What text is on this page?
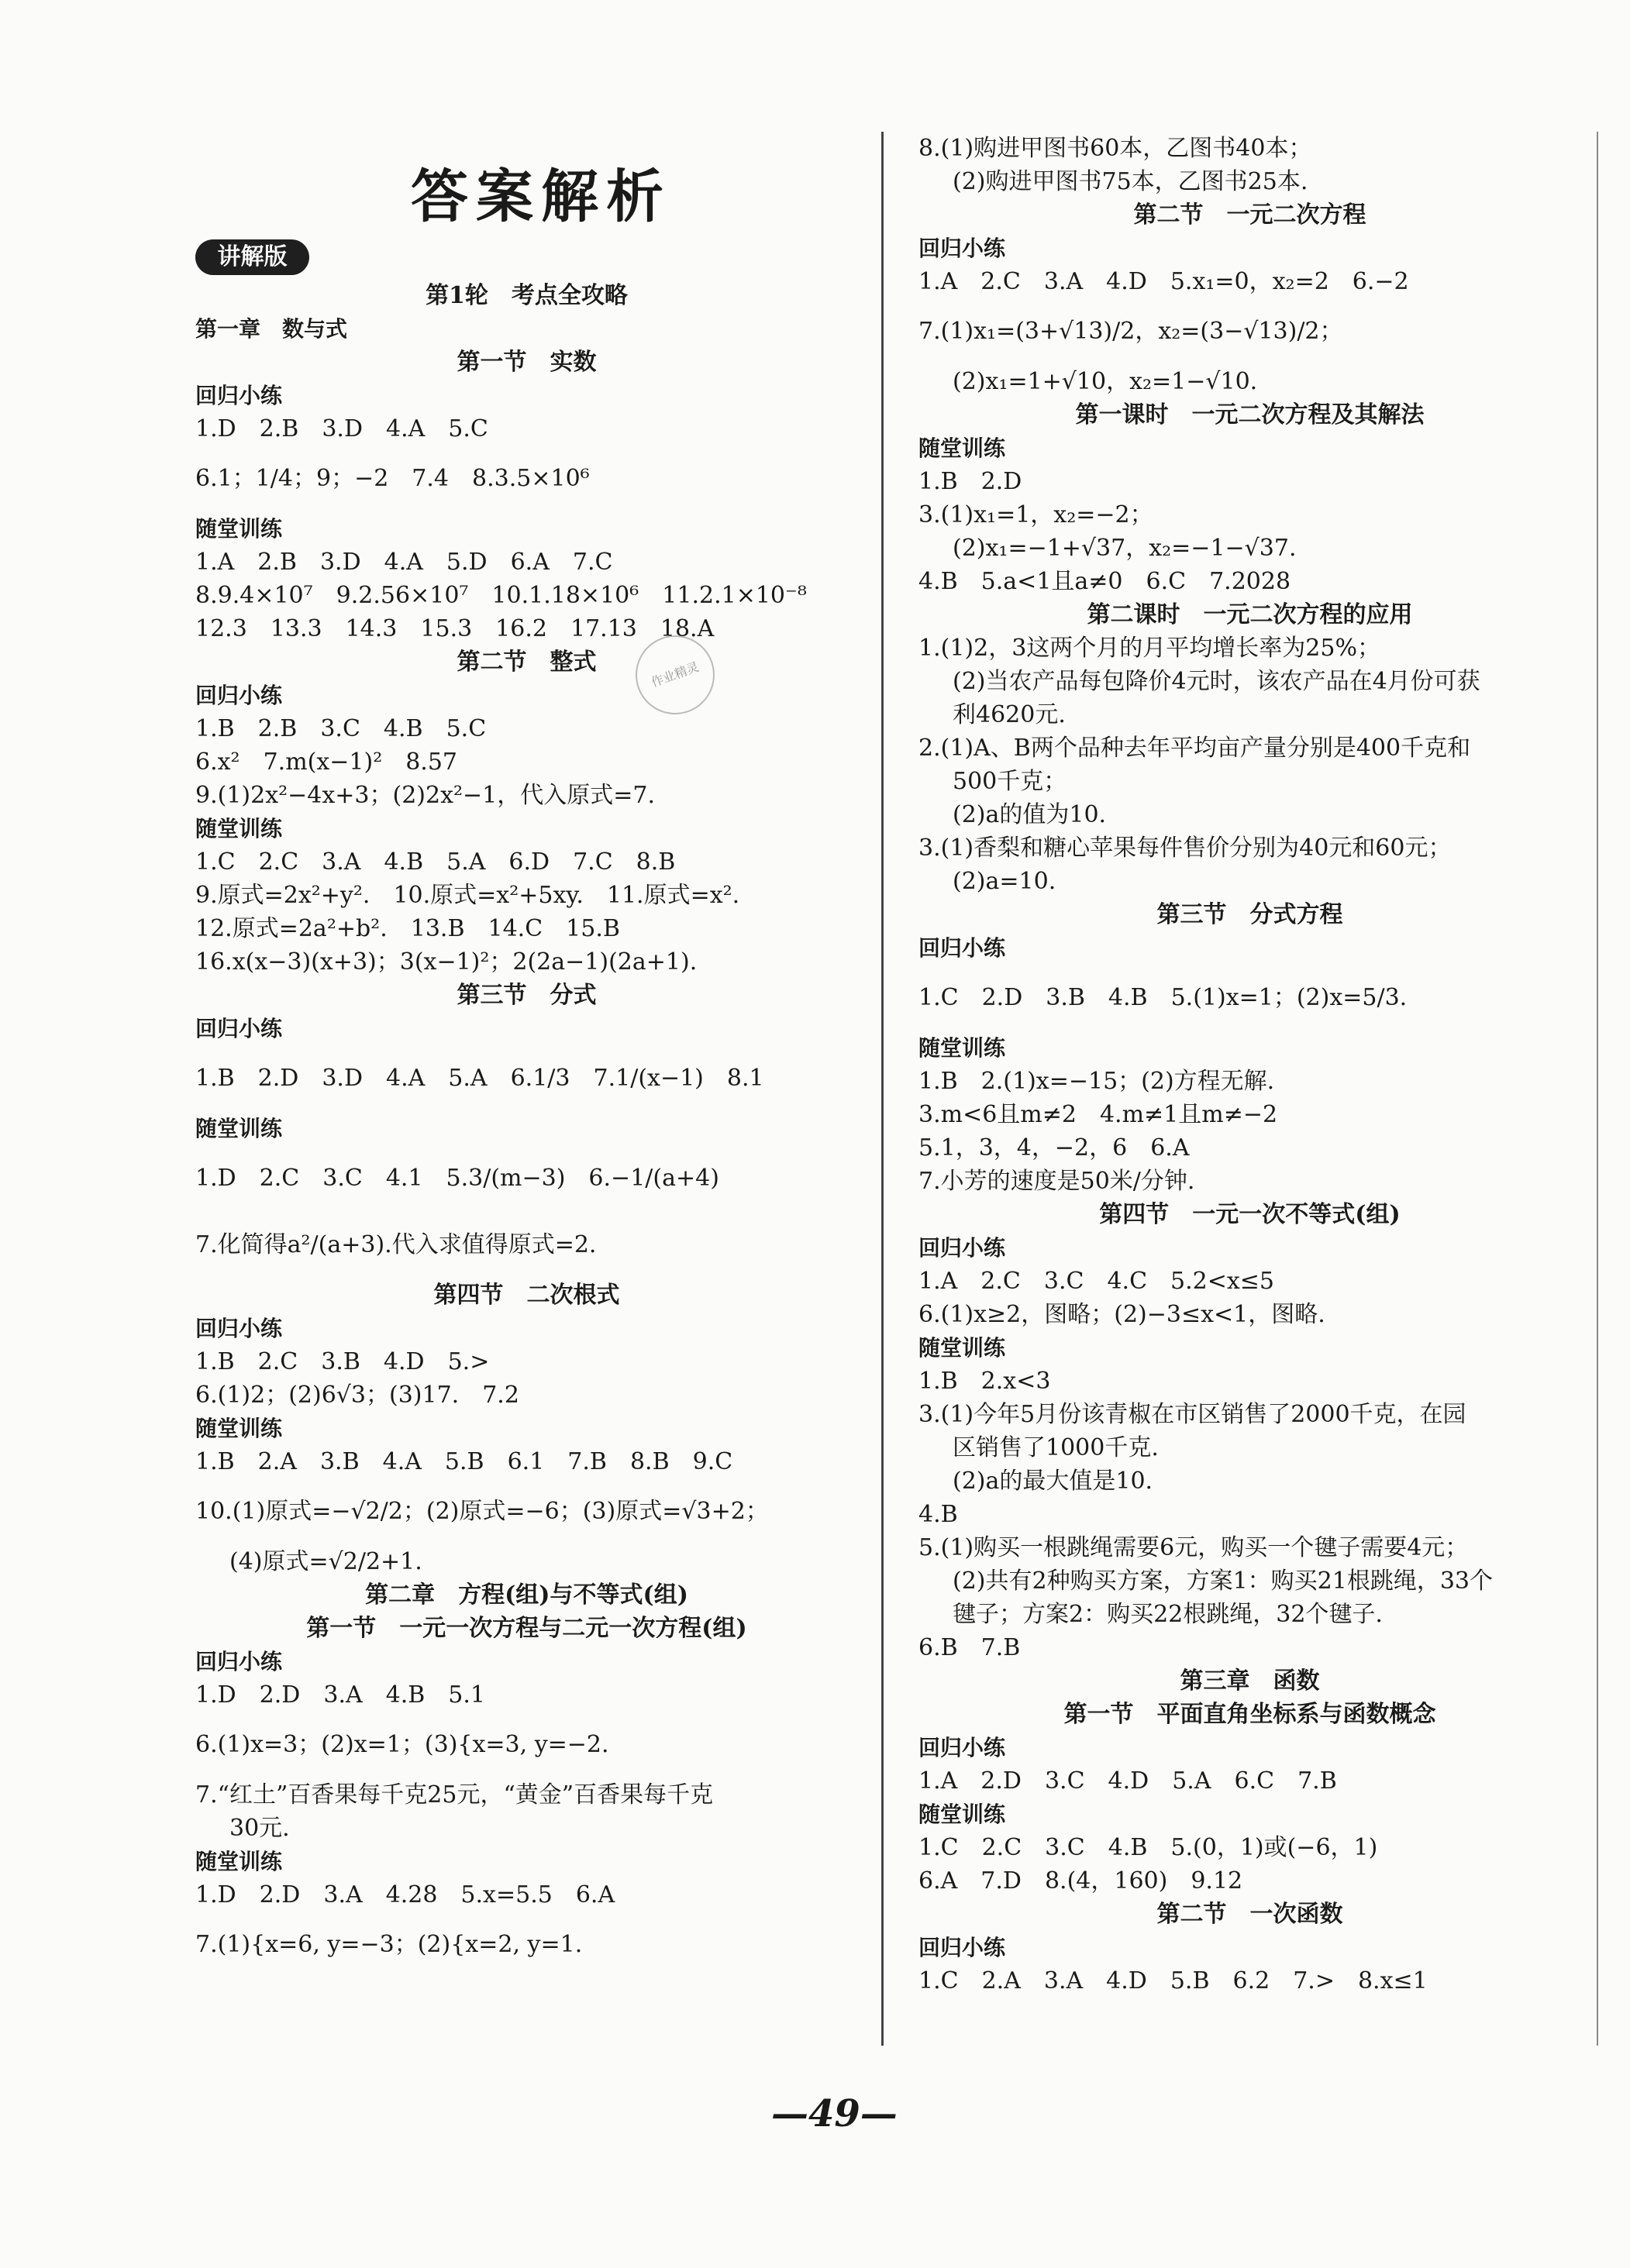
答案解析
讲解版
作业精灵
第1轮　考点全攻略
第一章　数与式
第一节　实数
回归小练
1.D　2.B　3.D　4.A　5.C
6.1；1/4；9；−2　7.4　8.3.5×10⁶
随堂训练
1.A　2.B　3.D　4.A　5.D　6.A　7.C
8.9.4×10⁷　9.2.56×10⁷　10.1.18×10⁶　11.2.1×10⁻⁸
12.3　13.3　14.3　15.3　16.2　17.13　18.A
第二节　整式
回归小练
1.B　2.B　3.C　4.B　5.C
6.x²　7.m(x−1)²　8.57
9.(1)2x²−4x+3；(2)2x²−1，代入原式=7.
随堂训练
1.C　2.C　3.A　4.B　5.A　6.D　7.C　8.B
9.原式=2x²+y².　10.原式=x²+5xy.　11.原式=x².
12.原式=2a²+b².　13.B　14.C　15.B
16.x(x−3)(x+3)；3(x−1)²；2(2a−1)(2a+1).
第三节　分式
回归小练
1.B　2.D　3.D　4.A　5.A　6.1/3　7.1/(x−1)　8.1
随堂训练
1.D　2.C　3.C　4.1　5.3/(m−3)　6.−1/(a+4)
7.化简得a²/(a+3).代入求值得原式=2.
第四节　二次根式
回归小练
1.B　2.C　3.B　4.D　5.>
6.(1)2；(2)6√3；(3)17.　7.2
随堂训练
1.B　2.A　3.B　4.A　5.B　6.1　7.B　8.B　9.C
10.(1)原式=−√2/2；(2)原式=−6；(3)原式=√3+2；
(4)原式=√2/2+1.
第二章　方程(组)与不等式(组)
第一节　一元一次方程与二元一次方程(组)
回归小练
1.D　2.D　3.A　4.B　5.1
6.(1)x=3；(2)x=1；(3){x=3, y=−2.
7.“红土”百香果每千克25元，“黄金”百香果每千克
30元.
随堂训练
1.D　2.D　3.A　4.28　5.x=5.5　6.A
7.(1){x=6, y=−3；(2){x=2, y=1.
8.(1)购进甲图书60本，乙图书40本；
(2)购进甲图书75本，乙图书25本.
第二节　一元二次方程
回归小练
1.A　2.C　3.A　4.D　5.x₁=0，x₂=2　6.−2
7.(1)x₁=(3+√13)/2，x₂=(3−√13)/2；
(2)x₁=1+√10，x₂=1−√10.
第一课时　一元二次方程及其解法
随堂训练
1.B　2.D
3.(1)x₁=1，x₂=−2；
(2)x₁=−1+√37，x₂=−1−√37.
4.B　5.a<1且a≠0　6.C　7.2028
第二课时　一元二次方程的应用
1.(1)2，3这两个月的月平均增长率为25%；
(2)当农产品每包降价4元时，该农产品在4月份可获
利4620元.
2.(1)A、B两个品种去年平均亩产量分别是400千克和
500千克；
(2)a的值为10.
3.(1)香梨和糖心苹果每件售价分别为40元和60元；
(2)a=10.
第三节　分式方程
回归小练
1.C　2.D　3.B　4.B　5.(1)x=1；(2)x=5/3.
随堂训练
1.B　2.(1)x=−15；(2)方程无解.
3.m<6且m≠2　4.m≠1且m≠−2
5.1，3，4，−2，6　6.A
7.小芳的速度是50米/分钟.
第四节　一元一次不等式(组)
回归小练
1.A　2.C　3.C　4.C　5.2<x≤5
6.(1)x≥2，图略；(2)−3≤x<1，图略.
随堂训练
1.B　2.x<3
3.(1)今年5月份该青椒在市区销售了2000千克，在园
区销售了1000千克.
(2)a的最大值是10.
4.B
5.(1)购买一根跳绳需要6元，购买一个毽子需要4元；
(2)共有2种购买方案，方案1：购买21根跳绳，33个
毽子；方案2：购买22根跳绳，32个毽子.
6.B　7.B
第三章　函数
第一节　平面直角坐标系与函数概念
回归小练
1.A　2.D　3.C　4.D　5.A　6.C　7.B
随堂训练
1.C　2.C　3.C　4.B　5.(0，1)或(−6，1)
6.A　7.D　8.(4，160)　9.12
第二节　一次函数
回归小练
1.C　2.A　3.A　4.D　5.B　6.2　7.>　8.x≤1
—49—
